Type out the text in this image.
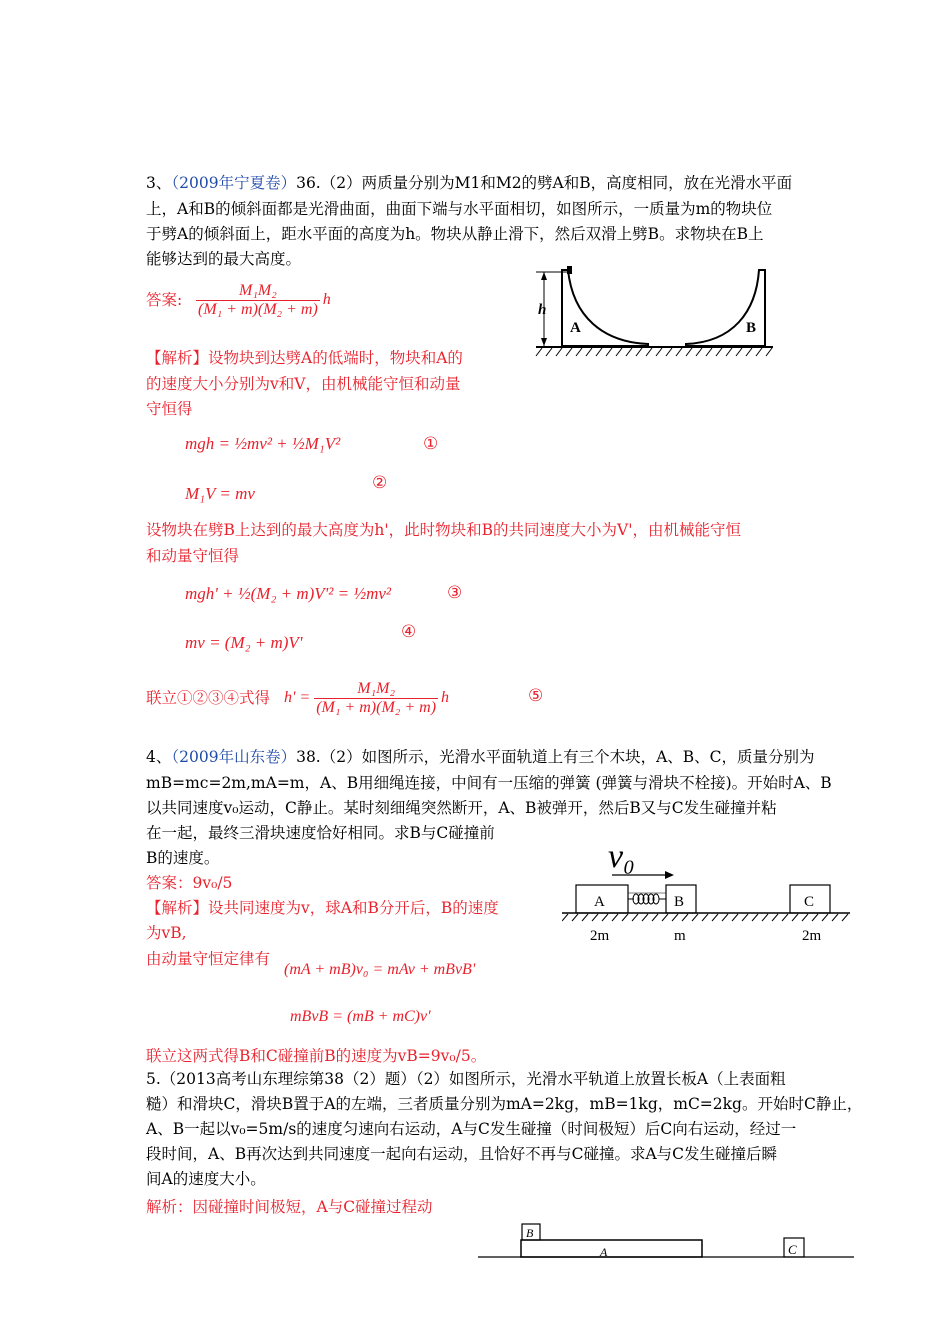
3、（2009年宁夏卷）36.（2）两质量分别为M1和M2的劈A和B，高度相同，放在光滑水平面
上，A和B的倾斜面都是光滑曲面，曲面下端与水平面相切，如图所示，一质量为m的物块位
于劈A的倾斜面上，距水平面的高度为h。物块从静止滑下，然后双滑上劈B。求物块在B上
能够达到的最大高度。
答案: $\frac{\text{M₁M₂}}{\text{(M₁ + m)(M₂ + m)}}$ h
h
A	B
【解析】设物块到达劈A的低端时，物块和A的
的速度大小分别为v和V，由机械能守恒和动量
守恒得
mgh = ½mv² + ½M₁V²	①
M₁V = mv
②
设物块在劈B上达到的最大高度为h'，此时物块和B的共同速度大小为V'，由机械能守恒
和动量守恒得
mgh' + ½(M₂ + m)V'² = ½mv²	③
mv = (M₂ + m)V'
④
联立①②③④式得 $h' = \frac{\text{M₁M₂}}{\text{(M₁ + m)(M₂ + m)}}$ h	⑤
4、（2009年山东卷）38.（2）如图所示，光滑水平面轨道上有三个木块，A、B、C，质量分别为
mB=mc=2m,mA=m，A、B用细绳连接，中间有一压缩的弹簧 (弹簧与滑块不栓接)。开始时A、B
以共同速度v₀运动，C静止。某时刻细绳突然断开，A、B被弹开，然后B又与C发生碰撞并粘
在一起，最终三滑块速度恰好相同。求B与C碰撞前
B的速度。
答案：9v₀/5
【解析】设共同速度为v，球A和B分开后，B的速度
为vB,
由动量守恒定律有
(mA + mB)v₀ = mAv + mBvB'
mBvB = (mB + mC)v'
联立这两式得B和C碰撞前B的速度为vB=9v₀/5。
v₀
A	B	C
2m	m	2m
5.（2013高考山东理综第38（2）题）（2）如图所示，光滑水平轨道上放置长板A（上表面粗
糙）和滑块C，滑块B置于A的左端，三者质量分别为mA=2kg，mB=1kg，mC=2kg。开始时C静止，
A、B一起以v₀=5m/s的速度匀速向右运动，A与C发生碰撞（时间极短）后C向右运动，经过一
段时间，A、B再次达到共同速度一起向右运动，且恰好不再与C碰撞。求A与C发生碰撞后瞬
间A的速度大小。
解析：因碰撞时间极短，A与C碰撞过程动
B
A	C
